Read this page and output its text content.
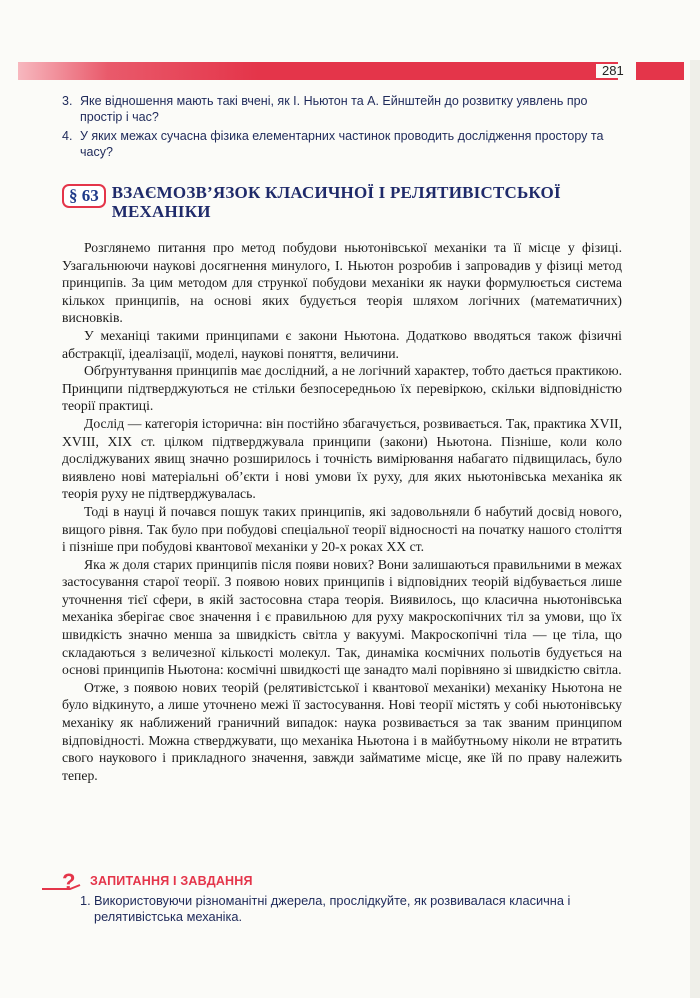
281
3. Яке відношення мають такі вчені, як І. Ньютон та А. Ейнштейн до розвитку уявлень про простір і час?
4. У яких межах сучасна фізика елементарних частинок проводить дослідження простору та часу?
§ 63 ВЗАЄМОЗВ’ЯЗОК КЛАСИЧНОЇ І РЕЛЯТИВІСТСЬКОЇ МЕХАНІКИ

Розглянемо питання про метод побудови ньютонівської механіки та її місце у фізиці. Узагальнюючи наукові досягнення минулого, І. Ньютон розробив і запровадив у фізиці метод принципів. За цим методом для стрункої побудови механіки як науки формулюється система кількох принципів, на основі яких будується теорія шляхом логічних (математичних) висновків.

У механіці такими принципами є закони Ньютона. Додатково вводяться також фізичні абстракції, ідеалізації, моделі, наукові поняття, величини.

Обґрунтування принципів має дослідний, а не логічний характер, тобто дається практикою. Принципи підтверджуються не стільки безпосередньою їх перевіркою, скільки відповідністю теорії практиці.

Дослід — категорія історична: він постійно збагачується, розвивається. Так, практика XVII, XVIII, XIX ст. цілком підтверджувала принципи (закони) Ньютона. Пізніше, коли коло досліджуваних явищ значно розширилось і точність вимірювання набагато підвищилась, було виявлено нові матеріальні об’єкти і нові умови їх руху, для яких ньютонівська механіка як теорія руху не підтверджувалась.

Тоді в науці й почався пошук таких принципів, які задовольняли б набутий досвід нового, вищого рівня. Так було при побудові спеціальної теорії відносності на початку нашого століття і пізніше при побудові квантової механіки у 20-х роках XX ст.

Яка ж доля старих принципів після появи нових? Вони залишаються правильними в межах застосування старої теорії. З появою нових принципів і відповідних теорій відбувається лише уточнення тієї сфери, в якій застосовна стара теорія. Виявилось, що класична ньютонівська механіка зберігає своє значення і є правильною для руху макроскопічних тіл за умови, що їх швидкість значно менша за швидкість світла у вакуумі. Макроскопічні тіла — це тіла, що складаються з величезної кількості молекул. Так, динаміка космічних польотів будується на основі принципів Ньютона: космічні швидкості ще занадто малі порівняно зі швидкістю світла.

Отже, з появою нових теорій (релятивістської і квантової механіки) механіку Ньютона не було відкинуто, а лише уточнено межі її застосування. Нові теорії містять у собі ньютонівську механіку як наближений граничний випадок: наука розвивається за так званим принципом відповідності. Можна стверджувати, що механіка Ньютона і в майбутньому ніколи не втратить свого наукового і прикладного значення, завжди займатиме місце, яке їй по праву належить тепер.

? ЗАПИТАННЯ І ЗАВДАННЯ
1. Використовуючи різноманітні джерела, прослідкуйте, як розвивалася класична і релятивістська механіка.
